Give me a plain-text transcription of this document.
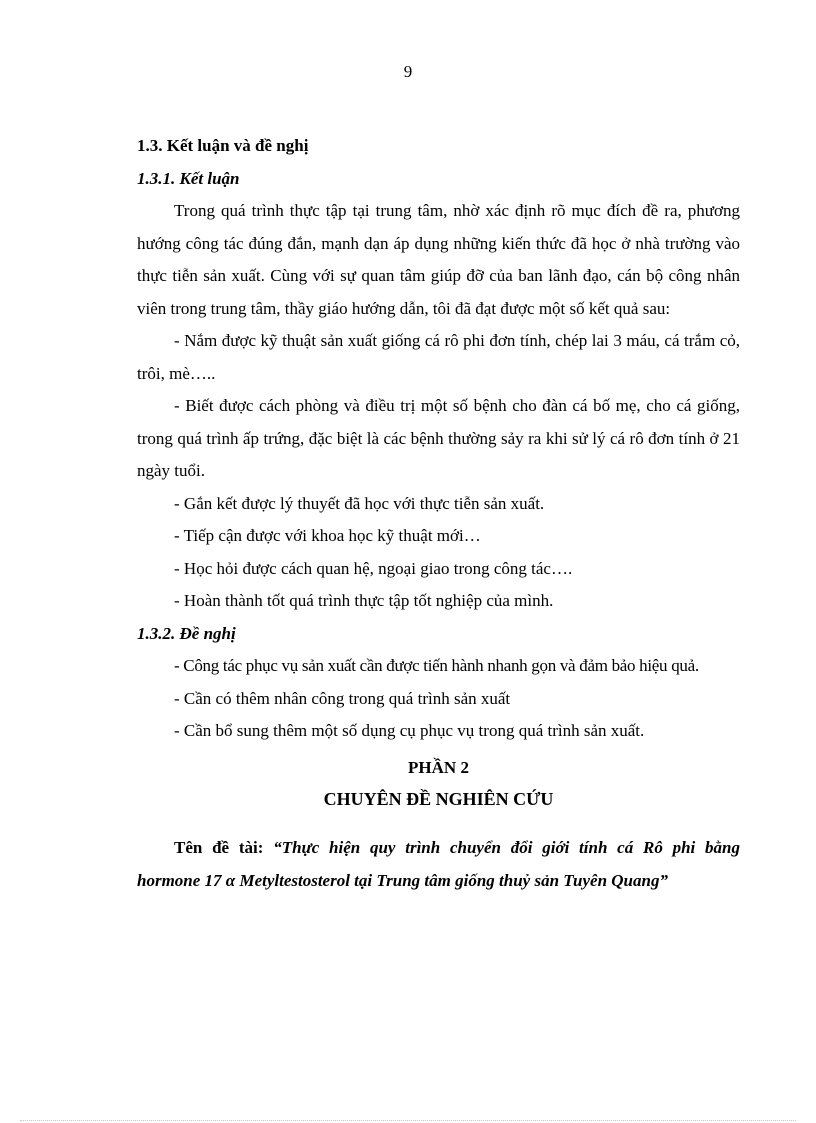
9

1.3. Kết luận và đề nghị

1.3.1. Kết luận

Trong quá trình thực tập tại trung tâm, nhờ xác định rõ mục đích đề ra, phương hướng công tác đúng đắn, mạnh dạn áp dụng những kiến thức đã học ở nhà trường vào thực tiễn sản xuất. Cùng với sự quan tâm giúp đỡ của ban lãnh đạo, cán bộ công nhân viên trong trung tâm, thầy giáo hướng dẫn, tôi đã đạt được một số kết quả sau:

- Nắm được kỹ thuật sản xuất giống cá rô phi đơn tính, chép lai 3 máu, cá trắm cỏ, trôi, mè…..

- Biết được cách phòng và điều trị một số bệnh cho đàn cá bố mẹ, cho cá giống, trong quá trình ấp trứng, đặc biệt là các bệnh thường sảy ra khi sử lý cá rô đơn tính ở 21 ngày tuổi.

- Gắn kết được lý thuyết đã học với thực tiễn sản xuất.

- Tiếp cận được với khoa học kỹ thuật mới…

- Học hỏi được cách quan hệ, ngoại giao trong công tác….

- Hoàn thành tốt quá trình thực tập tốt nghiệp của mình.

1.3.2. Đề nghị

- Công tác phục vụ sản xuất cần được tiến hành nhanh gọn và đảm bảo hiệu quả.

- Cần có thêm nhân công trong quá trình sản xuất

- Cần bổ sung thêm một số dụng cụ phục vụ trong quá trình sản xuất.

PHẦN 2

CHUYÊN ĐỀ NGHIÊN CỨU

Tên đề tài: “Thực hiện quy trình chuyển đổi giới tính cá Rô phi bằng

hormone 17 α Metyltestosterol tại Trung tâm giống thuỷ sản Tuyên Quang”
